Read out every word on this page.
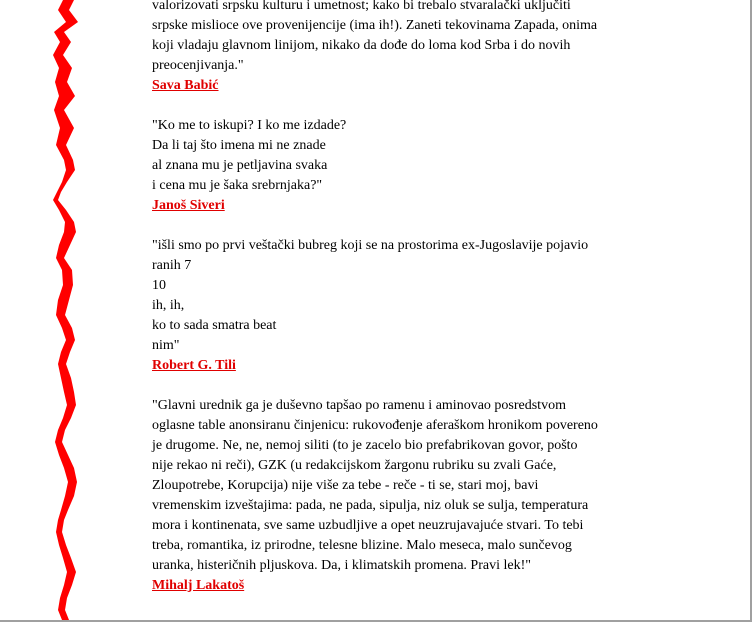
valorizovati srpsku kulturu i umetnost; kako bi trebalo stvaralački uključiti
srpske mislioce ove provenijencije (ima ih!). Zaneti tekovinama Zapada, onima
koji vladaju glavnom linijom, nikako da dođe do loma kod Srba i do novih
preocenjivanja."
Sava Babić
"Ko me to iskupi? I ko me izdade?
Da li taj što imena mi ne znade
al znana mu je petljavina svaka
i cena mu je šaka srebrnjaka?"
Janoš Siveri
"išli smo po prvi veštački bubreg koji se na prostorima ex-Jugoslavije pojavio
ranih 7
10
ih, ih,
ko to sada smatra beat
nim"
Robert G. Tili
"Glavni urednik ga je duševno tapšao po ramenu i aminovao posredstvom
oglasne table anonsiranu činjenicu: rukovođenje aferaškom hronikom povereno
je drugome. Ne, ne, nemoj siliti (to je zacelo bio prefabrikovan govor, pošto
nije rekao ni reči), GZK (u redakcijskom žargonu rubriku su zvali Gaće,
Zloupotrebe, Korupcija) nije više za tebe - reče - ti se, stari moj, bavi
vremenskim izveštajima: pada, ne pada, sipulja, niz oluk se sulja, temperatura
mora i kontinenata, sve same uzbudljive a opet neuzrujavajuće stvari. To tebi
treba, romantika, iz prirodne, telesne blizine. Malo meseca, malo sunčevog
uranka, histeričnih pljuskova. Da, i klimatskih promena. Pravi lek!"
Mihalj Lakatoš
